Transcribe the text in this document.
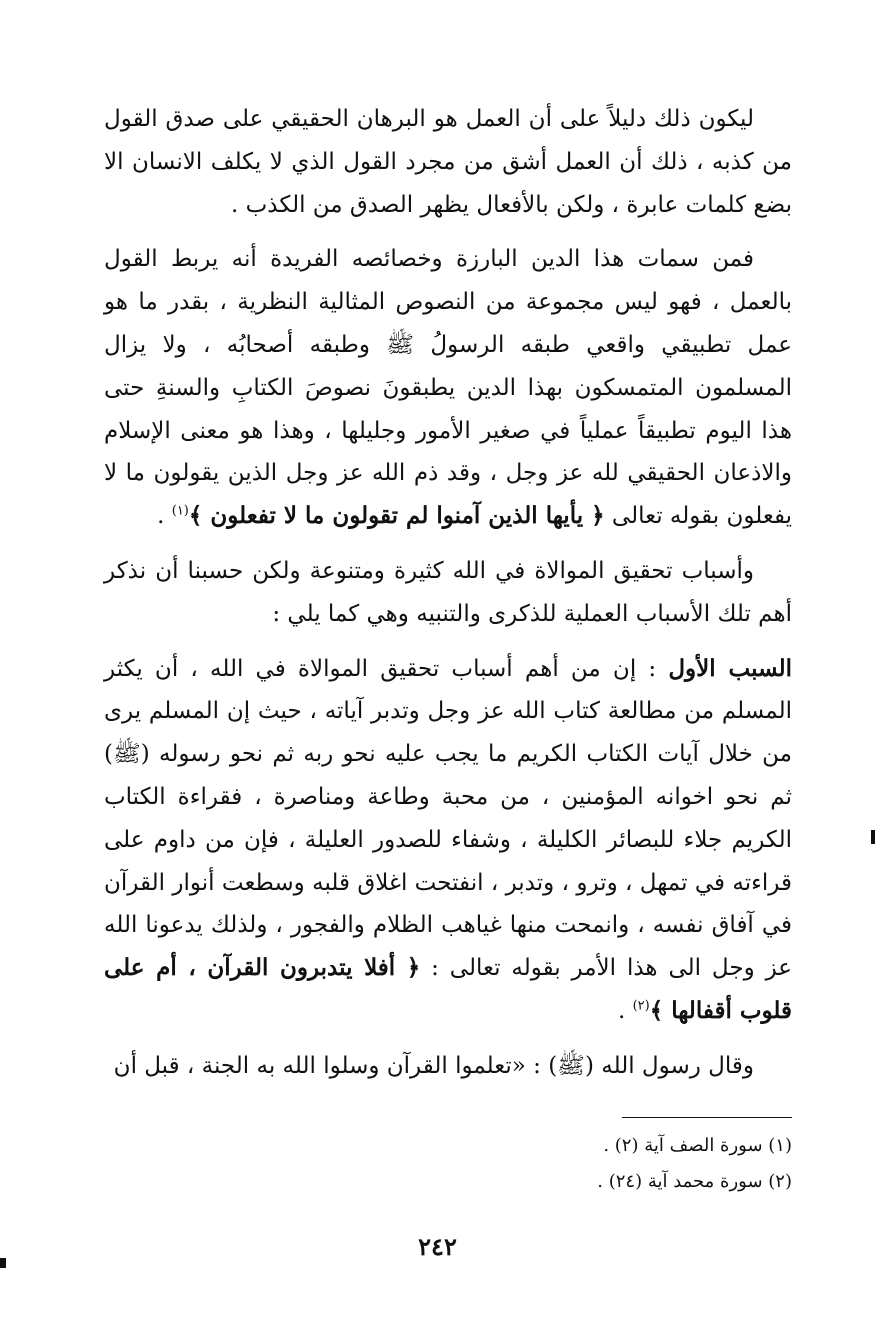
ليكون ذلك دليلاً على أن العمل هو البرهان الحقيقي على صدق القول من كذبه ، ذلك أن العمل أشق من مجرد القول الذي لا يكلف الانسان الا بضع كلمات عابرة ، ولكن بالأفعال يظهر الصدق من الكذب .

فمن سمات هذا الدين البارزة وخصائصه الفريدة أنه يربط القول بالعمل ، فهو ليس مجموعة من النصوص المثالية النظرية ، بقدر ما هو عمل تطبيقي واقعي طبقه الرسولُ ﷺ وطبقه أصحابُه ، ولا يزال المسلمون المتمسكون بهذا الدين يطبقونَ نصوصَ الكتابِ والسنةِ حتى هذا اليوم تطبيقاً عملياً في صغير الأمور وجليلها ، وهذا هو معنى الإسلام والاذعان الحقيقي لله عز وجل ، وقد ذم الله عز وجل الذين يقولون ما لا يفعلون بقوله تعالى ﴿ يأيها الذين آمنوا لم تقولون ما لا تفعلون ﴾$^{(١)}$ .

وأسباب تحقيق الموالاة في الله كثيرة ومتنوعة ولكن حسبنا أن نذكر أهم تلك الأسباب العملية للذكرى والتنبيه وهي كما يلي :

السبب الأول : إن من أهم أسباب تحقيق الموالاة في الله ، أن يكثر المسلم من مطالعة كتاب الله عز وجل وتدبر آياته ، حيث إن المسلم يرى من خلال آيات الكتاب الكريم ما يجب عليه نحو ربه ثم نحو رسوله (ﷺ) ثم نحو اخوانه المؤمنين ، من محبة وطاعة ومناصرة ، فقراءة الكتاب الكريم جلاء للبصائر الكليلة ، وشفاء للصدور العليلة ، فإن من داوم على قراءته في تمهل ، وترو ، وتدبر ، انفتحت اغلاق قلبه وسطعت أنوار القرآن في آفاق نفسه ، وانمحت منها غياهب الظلام والفجور ، ولذلك يدعونا الله عز وجل الى هذا الأمر بقوله تعالى : ﴿ أفلا يتدبرون القرآن ، أم على قلوب أقفالها ﴾$^{(٢)}$ .

وقال رسول الله (ﷺ) : «تعلموا القرآن وسلوا الله به الجنة ، قبل أن

(١) سورة الصف آية (٢) .

(٢) سورة محمد آية (٢٤) .

٢٤٢
